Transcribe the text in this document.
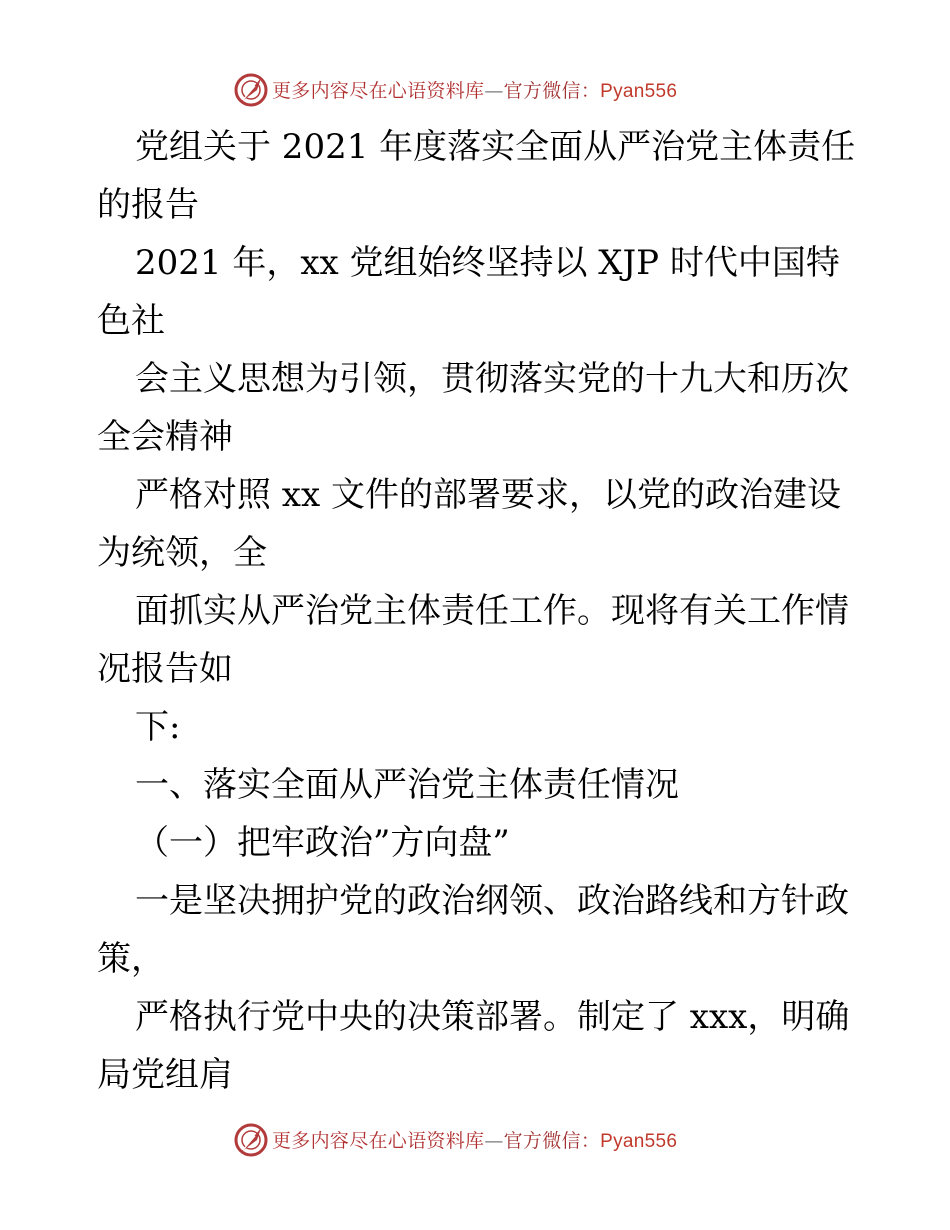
更多内容尽在心语资料库—官方微信：Pyan556
党组关于 2021 年度落实全面从严治党主体责任
的报告
2021 年，xx 党组始终坚持以 XJP 时代中国特
色社
会主义思想为引领，贯彻落实党的十九大和历次
全会精神
严格对照 xx 文件的部署要求，以党的政治建设
为统领，全
面抓实从严治党主体责任工作。现将有关工作情
况报告如
下:
一、落实全面从严治党主体责任情况
（一）把牢政治”方向盘”
一是坚决拥护党的政治纲领、政治路线和方针政
策，
严格执行党中央的决策部署。制定了 xxx，明确
局党组肩
更多内容尽在心语资料库—官方微信：Pyan556
